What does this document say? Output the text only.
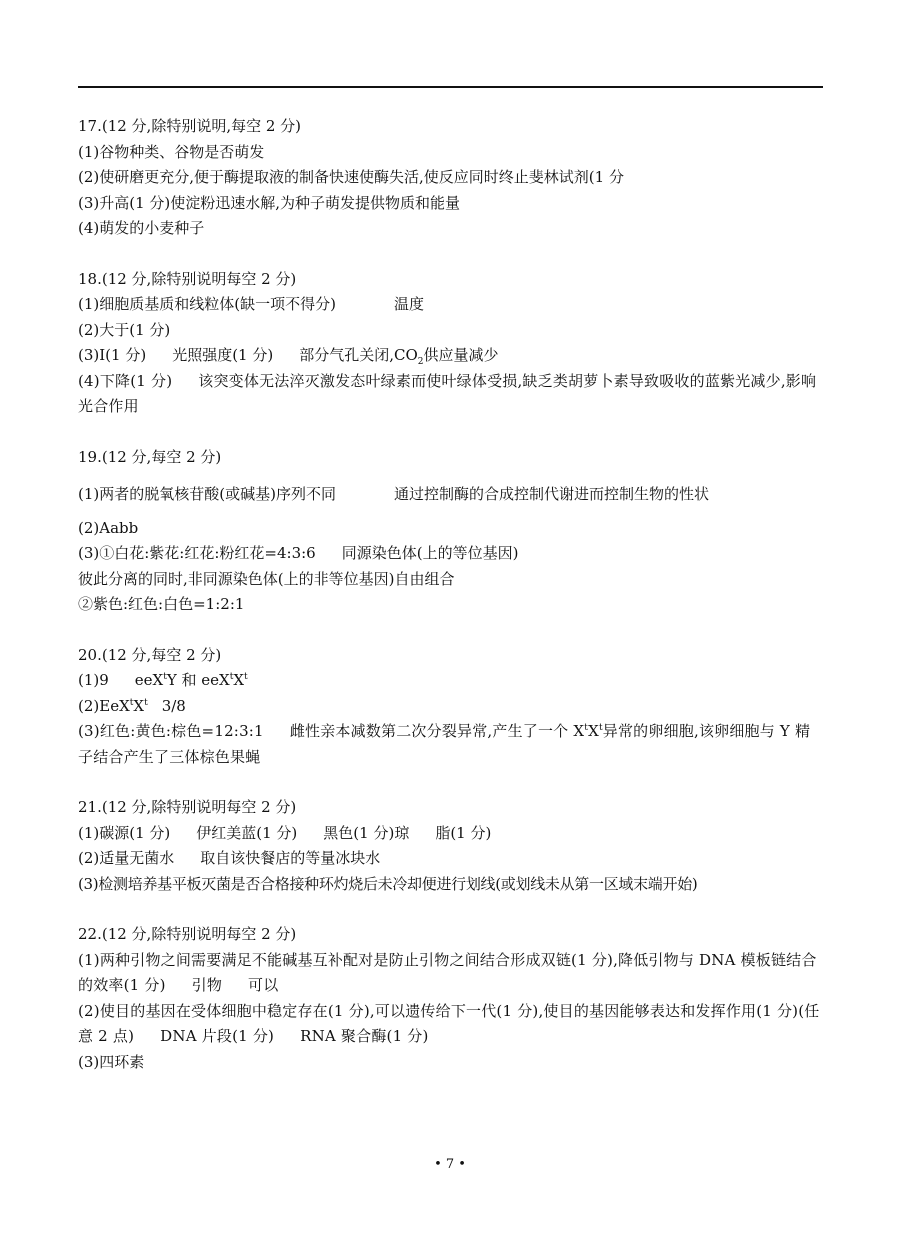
17.(12 分,除特别说明,每空 2 分)
(1)谷物种类、谷物是否萌发
(2)使研磨更充分,便于酶提取液的制备快速使酶失活,使反应同时终止斐林试剂(1 分
(3)升高(1 分)使淀粉迅速水解,为种子萌发提供物质和能量
(4)萌发的小麦种子
18.(12 分,除特别说明每空 2 分)
(1)细胞质基质和线粒体(缺一项不得分)	温度
(2)大于(1 分)
(3)Ⅰ(1 分) 光照强度(1 分) 部分气孔关闭$,CO_2$供应量减少
(4)下降(1 分) 该突变体无法淬灭激发态叶绿素而使叶绿体受损,缺乏类胡萝卜素导致吸收的蓝紫光减少,影响光合作用
19.(12 分,每空 2 分)
(1)两者的脱氧核苷酸(或碱基)序列不同	通过控制酶的合成控制代谢进而控制生物的性状
(2)Aabb
(3)①白花:紫花:红花:粉红花=4:3:6 同源染色体(上的等位基因)
彼此分离的同时,非同源染色体(上的非等位基因)自由组合
②紫色:红色:白色=1:2:1
20.(12 分,每空 2 分)
(1)9 eeX$^t$Y 和 $eeX^tX^t$
$(2)EeX^tX^t$ 3/8
(3)红色:黄色:棕色=12:3:1 雌性亲本减数第二次分裂异常,产生了一个 $X^tX^t$异常的卵细胞,该卵细胞与 Y 精子结合产生了三体棕色果蝇
21.(12 分,除特别说明每空 2 分)
(1)碳源(1 分) 伊红美蓝(1 分) 黑色(1 分)琼 脂(1 分)
(2)适量无菌水 取自该快餐店的等量冰块水
(3)检测培养基平板灭菌是否合格接种环灼烧后未冷却便进行划线(或划线未从第一区域末端开始)
22.(12 分,除特别说明每空 2 分)
(1)两种引物之间需要满足不能碱基互补配对是防止引物之间结合形成双链(1 分),降低引物与 DNA 模板链结合的效率(1 分) 引物 可以
(2)使目的基因在受体细胞中稳定存在(1 分),可以遗传给下一代(1 分),使目的基因能够表达和发挥作用(1 分)(任意 2 点) DNA 片段(1 分) RNA 聚合酶(1 分)
(3)四环素
• 7 •
